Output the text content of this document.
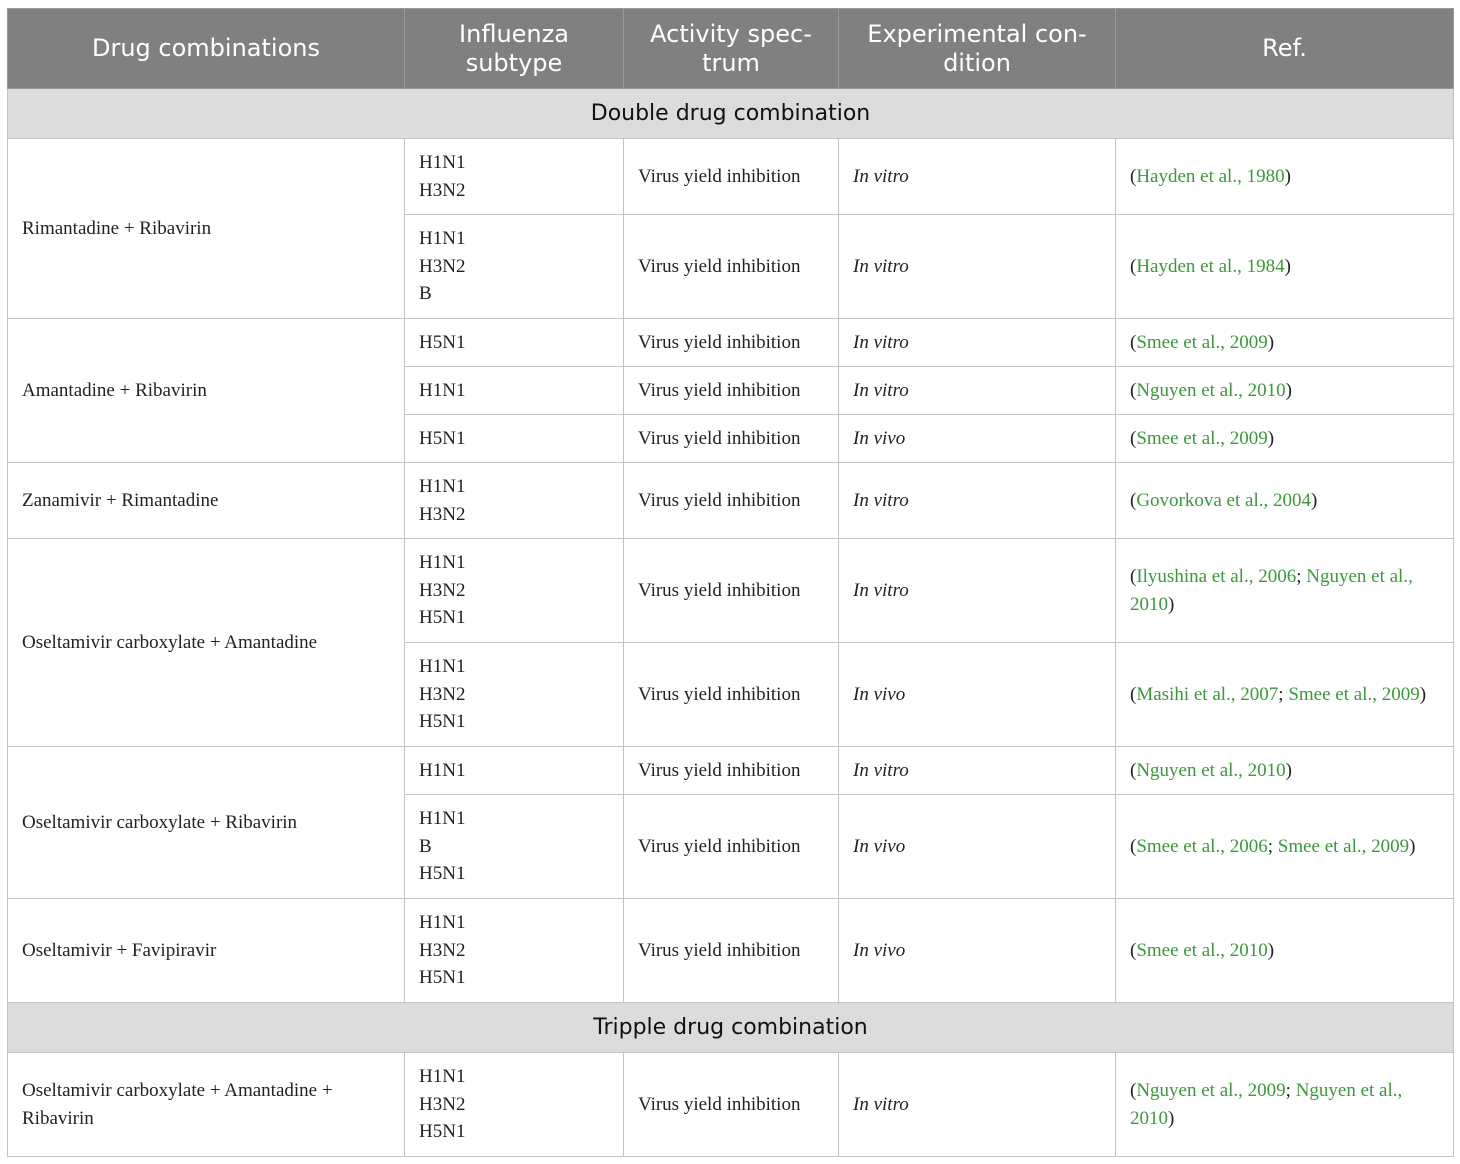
Drug combinations	Influenza subtype	Activity spec-trum	Experimental con-dition	Ref.
Double drug combination				
Rimantadine + Ribavirin	H1N1
H3N2	Virus yield inhibition	In vitro	(Hayden et al., 1980)

	H1N1
H3N2
B	Virus yield inhibition	In vitro	(Hayden et al., 1984)
Amantadine + Ribavirin	H5N1	Virus yield inhibition	In vitro	(Smee et al., 2009)

	H1N1	Virus yield inhibition	In vitro	(Nguyen et al., 2010)

	H5N1	Virus yield inhibition	In vivo	(Smee et al., 2009)
Zanamivir + Rimantadine	H1N1
H3N2	Virus yield inhibition	In vitro	(Govorkova et al., 2004)
Oseltamivir carboxylate + Amantadine	H1N1
H3N2
H5N1	Virus yield inhibition	In vitro	(Ilyushina et al., 2006; Nguyen et al., 2010)

	H1N1
H3N2
H5N1	Virus yield inhibition	In vivo	(Masihi et al., 2007; Smee et al., 2009)
Oseltamivir carboxylate + Ribavirin	H1N1	Virus yield inhibition	In vitro	(Nguyen et al., 2010)

	H1N1
B
H5N1	Virus yield inhibition	In vivo	(Smee et al., 2006; Smee et al., 2009)
Oseltamivir + Favipiravir	H1N1
H3N2
H5N1	Virus yield inhibition	In vivo	(Smee et al., 2010)
Tripple drug combination				
Oseltamivir carboxylate + Amantadine + Ribavirin	H1N1
H3N2
H5N1	Virus yield inhibition	In vitro	(Nguyen et al., 2009; Nguyen et al., 2010)
